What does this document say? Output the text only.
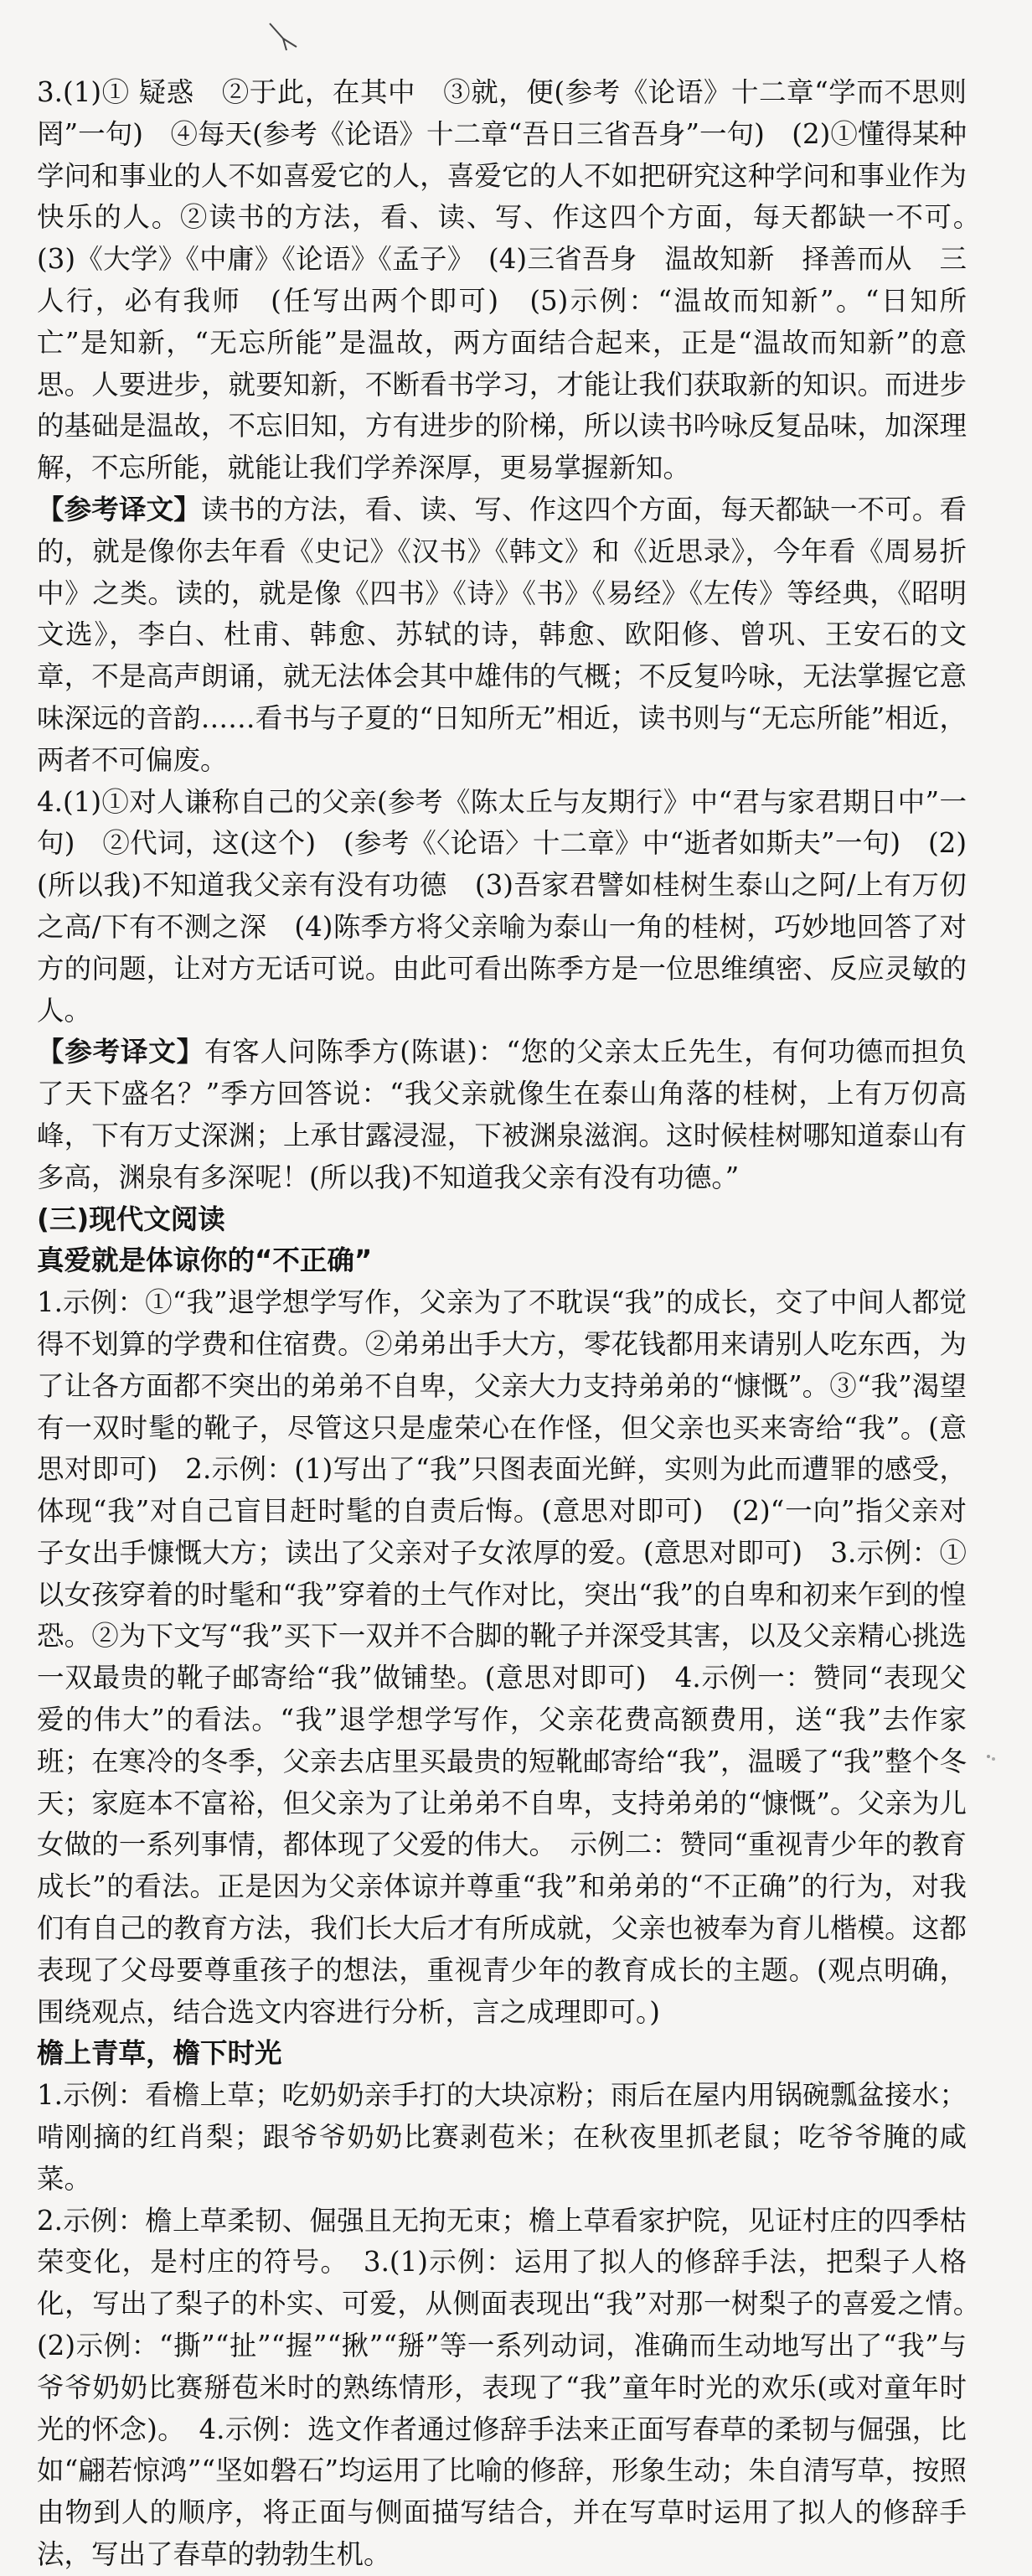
3.(1)① 疑惑　②于此，在其中　③就，便(参考《论语》十二章“学而不思则罔”一句)　④每天(参考《论语》十二章“吾日三省吾身”一句)　(2)①懂得某种学问和事业的人不如喜爱它的人，喜爱它的人不如把研究这种学问和事业作为快乐的人。②读书的方法，看、读、写、作这四个方面，每天都缺一不可。　(3)《大学》《中庸》《论语》《孟子》　(4)三省吾身　温故知新　择善而从　三人行，必有我师　(任写出两个即可)　(5)示例：“温故而知新”。“日知所亡”是知新，“无忘所能”是温故，两方面结合起来，正是“温故而知新”的意思。人要进步，就要知新，不断看书学习，才能让我们获取新的知识。而进步的基础是温故，不忘旧知，方有进步的阶梯，所以读书吟咏反复品味，加深理解，不忘所能，就能让我们学养深厚，更易掌握新知。

【参考译文】读书的方法，看、读、写、作这四个方面，每天都缺一不可。看的，就是像你去年看《史记》《汉书》《韩文》和《近思录》，今年看《周易折中》之类。读的，就是像《四书》《诗》《书》《易经》《左传》等经典，《昭明文选》，李白、杜甫、韩愈、苏轼的诗，韩愈、欧阳修、曾巩、王安石的文章，不是高声朗诵，就无法体会其中雄伟的气概；不反复吟咏，无法掌握它意味深远的音韵……看书与子夏的“日知所无”相近，读书则与“无忘所能”相近，两者不可偏废。

4.(1)①对人谦称自己的父亲(参考《陈太丘与友期行》中“君与家君期日中”一句)　②代词，这(这个)　(参考《〈论语〉十二章》中“逝者如斯夫”一句)　(2)(所以我)不知道我父亲有没有功德　(3)吾家君譬如桂树生泰山之阿/上有万仞之高/下有不测之深　(4)陈季方将父亲喻为泰山一角的桂树，巧妙地回答了对方的问题，让对方无话可说。由此可看出陈季方是一位思维缜密、反应灵敏的人。

【参考译文】有客人问陈季方(陈谌)：“您的父亲太丘先生，有何功德而担负了天下盛名？”季方回答说：“我父亲就像生在泰山角落的桂树，上有万仞高峰，下有万丈深渊；上承甘露浸湿，下被渊泉滋润。这时候桂树哪知道泰山有多高，渊泉有多深呢！(所以我)不知道我父亲有没有功德。”

(三)现代文阅读

真爱就是体谅你的“不正确”

1.示例：①“我”退学想学写作，父亲为了不耽误“我”的成长，交了中间人都觉得不划算的学费和住宿费。②弟弟出手大方，零花钱都用来请别人吃东西，为了让各方面都不突出的弟弟不自卑，父亲大力支持弟弟的“慷慨”。③“我”渴望有一双时髦的靴子，尽管这只是虚荣心在作怪，但父亲也买来寄给“我”。(意思对即可)　2.示例：(1)写出了“我”只图表面光鲜，实则为此而遭罪的感受，体现“我”对自己盲目赶时髦的自责后悔。(意思对即可)　(2)“一向”指父亲对子女出手慷慨大方；读出了父亲对子女浓厚的爱。(意思对即可)　3.示例：①以女孩穿着的时髦和“我”穿着的土气作对比，突出“我”的自卑和初来乍到的惶恐。②为下文写“我”买下一双并不合脚的靴子并深受其害，以及父亲精心挑选一双最贵的靴子邮寄给“我”做铺垫。(意思对即可)　4.示例一：赞同“表现父爱的伟大”的看法。“我”退学想学写作，父亲花费高额费用，送“我”去作家班；在寒冷的冬季，父亲去店里买最贵的短靴邮寄给“我”，温暖了“我”整个冬天；家庭本不富裕，但父亲为了让弟弟不自卑，支持弟弟的“慷慨”。父亲为儿女做的一系列事情，都体现了父爱的伟大。　示例二：赞同“重视青少年的教育成长”的看法。正是因为父亲体谅并尊重“我”和弟弟的“不正确”的行为，对我们有自己的教育方法，我们长大后才有所成就，父亲也被奉为育儿楷模。这都表现了父母要尊重孩子的想法，重视青少年的教育成长的主题。(观点明确，围绕观点，结合选文内容进行分析，言之成理即可。)

檐上青草，檐下时光

1.示例：看檐上草；吃奶奶亲手打的大块凉粉；雨后在屋内用锅碗瓢盆接水；啃刚摘的红肖梨；跟爷爷奶奶比赛剥苞米；在秋夜里抓老鼠；吃爷爷腌的咸菜。

2.示例：檐上草柔韧、倔强且无拘无束；檐上草看家护院，见证村庄的四季枯荣变化，是村庄的符号。　3.(1)示例：运用了拟人的修辞手法，把梨子人格化，写出了梨子的朴实、可爱，从侧面表现出“我”对那一树梨子的喜爱之情。　(2)示例：“撕”“扯”“握”“揪”“掰”等一系列动词，准确而生动地写出了“我”与爷爷奶奶比赛掰苞米时的熟练情形，表现了“我”童年时光的欢乐(或对童年时光的怀念)。　4.示例：选文作者通过修辞手法来正面写春草的柔韧与倔强，比如“翩若惊鸿”“坚如磐石”均运用了比喻的修辞，形象生动；朱自清写草，按照由物到人的顺序，将正面与侧面描写结合，并在写草时运用了拟人的修辞手法，写出了春草的勃勃生机。
